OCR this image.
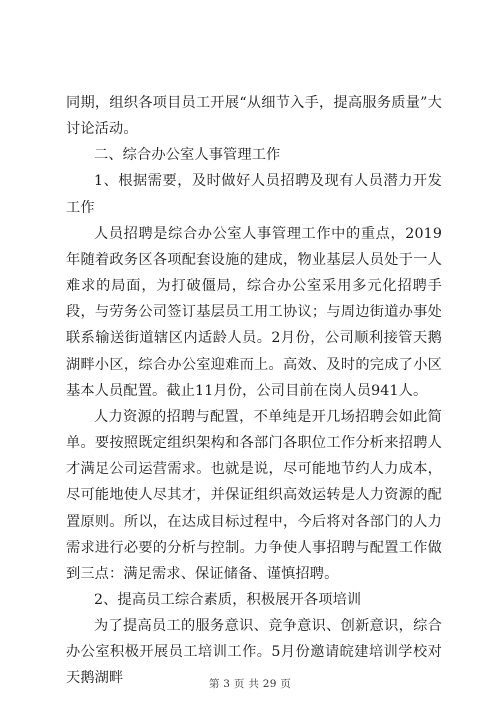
同期，组织各项目员工开展“从细节入手，提高服务质量”大讨论活动。

二、综合办公室人事管理工作

1、根据需要，及时做好人员招聘及现有人员潜力开发工作

人员招聘是综合办公室人事管理工作中的重点，2019年随着政务区各项配套设施的建成，物业基层人员处于一人难求的局面，为打破僵局，综合办公室采用多元化招聘手段，与劳务公司签订基层员工用工协议；与周边街道办事处联系输送街道辖区内适龄人员。2月份，公司顺利接管天鹅湖畔小区，综合办公室迎难而上。高效、及时的完成了小区基本人员配置。截止11月份，公司目前在岗人员941人。

人力资源的招聘与配置，不单纯是开几场招聘会如此简单。要按照既定组织架构和各部门各职位工作分析来招聘人才满足公司运营需求。也就是说，尽可能地节约人力成本，尽可能地使人尽其才，并保证组织高效运转是人力资源的配置原则。所以，在达成目标过程中，今后将对各部门的人力需求进行必要的分析与控制。力争使人事招聘与配置工作做到三点：满足需求、保证储备、谨慎招聘。

2、提高员工综合素质，积极展开各项培训

为了提高员工的服务意识、竞争意识、创新意识，综合办公室积极开展员工培训工作。5月份邀请皖建培训学校对天鹅湖畔	第 3 页 共 29 页
